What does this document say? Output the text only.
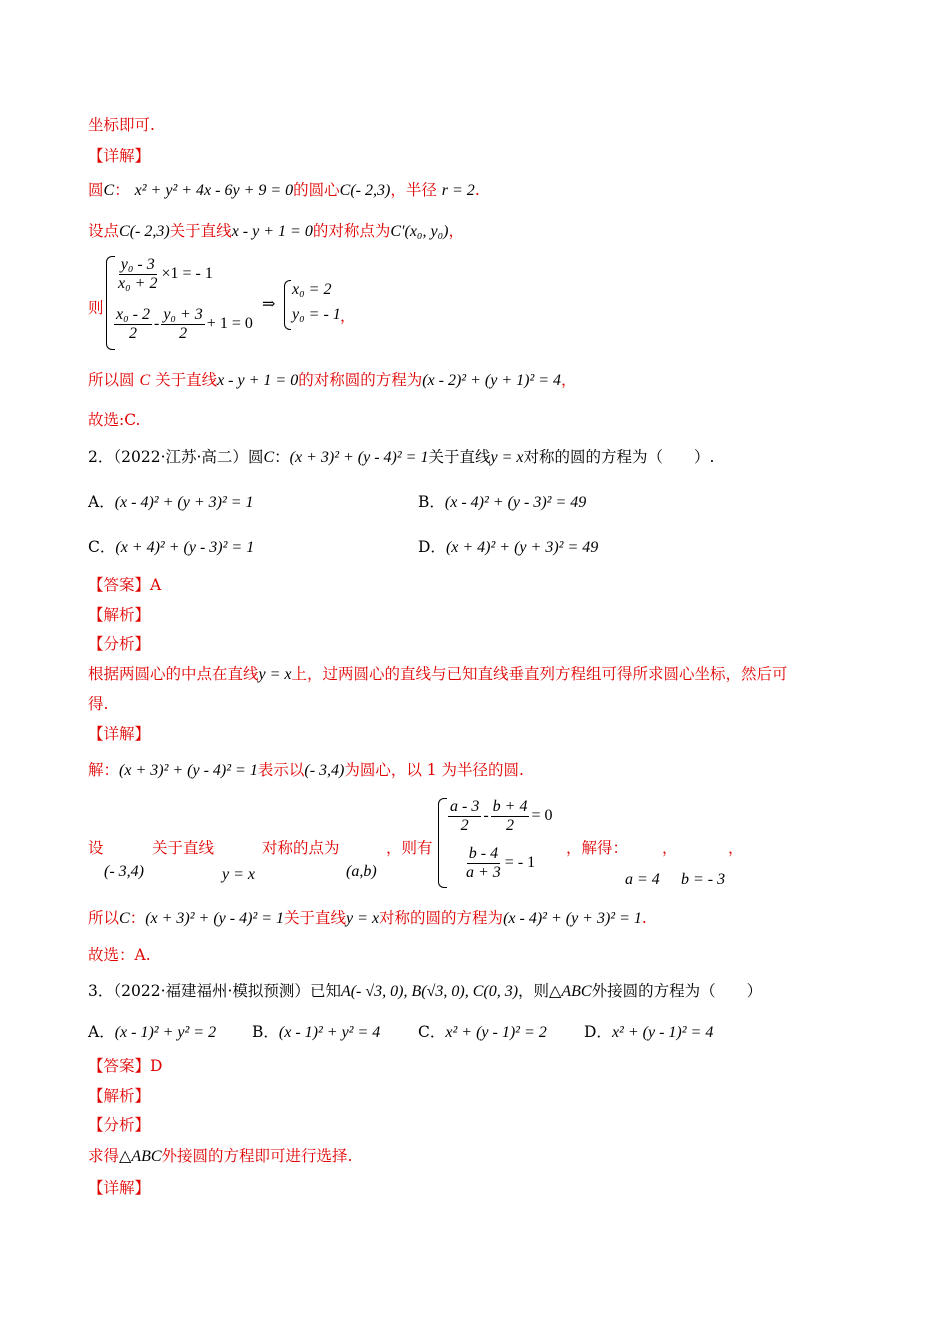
坐标即可.
【详解】
圆C： x² + y² + 4x - 6y + 9 = 0的圆心C(- 2,3)，半径 r = 2.
设点C(- 2,3)关于直线x - y + 1 = 0的对称点为C′(x₀, y₀)，
则
$\frac{\text{y₀ - 3}}{\text{x₀ + 2}} \times 1$ = - 1
$\frac{\text{x₀ - 2}}{2} - \frac{\text{y₀ + 3}}{2} + 1 = 0$
⇒
x₀ = 2
y₀ = - 1 ，
所以圆 C 关于直线x - y + 1 = 0的对称圆的方程为(x - 2)² + (y + 1)² = 4，
故选:C.
2．（2022·江苏·高二）圆C：(x + 3)² + (y - 4)² = 1关于直线y = x对称的圆的方程为（　　）.
A．(x - 4)² + (y + 3)² = 1	B．(x - 4)² + (y - 3)² = 49
C．(x + 4)² + (y - 3)² = 1	D．(x + 4)² + (y + 3)² = 49
【答案】A
【解析】
【分析】
根据两圆心的中点在直线y = x上，过两圆心的直线与已知直线垂直列方程组可得所求圆心坐标，然后可
得.
【详解】
解：(x + 3)² + (y - 4)² = 1表示以(- 3,4)为圆心，以 1 为半径的圆.
设
(- 3,4)
关于直线
y = x
对称的点为
(a,b)
，则有
$\frac{a - 3}{2} - \frac{b + 4}{2} = 0$
$\frac{b - 4}{a + 3}$ = - 1
，解得： ，	，
a = 4 b = - 3
所以C：(x + 3)² + (y - 4)² = 1关于直线y = x对称的圆的方程为(x - 4)² + (y + 3)² = 1.
故选：A.
3．（2022·福建福州·模拟预测）已知A(- √3, 0), B(√3, 0), C(0, 3)，则△ABC外接圆的方程为（　　）
A．(x - 1)² + y² = 2 B．(x - 1)² + y² = 4 C．x² + (y - 1)² = 2 D．x² + (y - 1)² = 4
【答案】D
【解析】
【分析】
求得△ABC外接圆的方程即可进行选择.
【详解】
